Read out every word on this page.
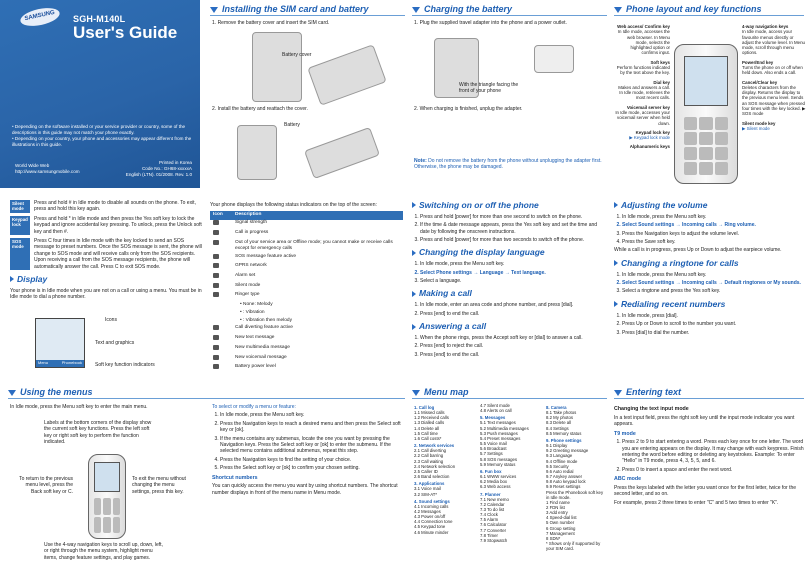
SAMSUNG	SGH-M140L
User's Guide
• Depending on the software installed or your service provider or country, some of the descriptions in this guide may not match your phone exactly.
• Depending on your country, your phone and accessories may appear different from the illustrations in this guide.
World Wide Web
http://www.samsungmobile.com
Printed in Korea
Code No.: GH68-xxxxxA
English (LTN). 01/2008. Rev. 1.0
Installing the SIM card and battery
1. Remove the battery cover and insert the SIM card.
Battery cover
2. Install the battery and reattach the cover.
Battery
Charging the battery
1. Plug the supplied travel adapter into the phone and a power outlet.
With the triangle facing the front of your phone
2. When charging is finished, unplug the adapter.
Note: Do not remove the battery from the phone without unplugging the adapter first. Otherwise, the phone may be damaged.
Phone layout and key functions
Web access/ Confirm key
In Idle mode, accesses the web browser. In Menu mode, selects the highlighted option or confirms input.
Soft keys
Perform functions indicated by the text above the key.
Dial key
Makes and answers a call. In Idle mode, retrieves the most recent calls.
Voicemail server key
In Idle mode, accesses your voicemail server when held down.
Keypad lock key
▶ Keypad lock mode
Alphanumeric keys
4-way navigation keys
In Idle mode, access your favourite menus directly or adjust the volume level. In Menu mode, scroll through menu options.
Power/End key
Turns the phone on or off when held down. Also ends a call.
Cancel/Clear key
Deletes characters from the display. Returns the display to the previous menu level. Sends an SOS message when pressed four times with the key locked. ▶ SOS mode
Silent mode key
▶ Silent mode
Silent mode
Press and hold # in Idle mode to disable all sounds on the phone. To exit, press and hold this key again.
Keypad lock
Press and hold * in Idle mode and then press the Yes soft key to lock the keypad and ignore accidental key pressing. To unlock, press the Unlock soft key and then #.
SOS mode
Press C four times in Idle mode with the key locked to send an SOS message to preset numbers. Once the SOS message is sent, the phone will change to SOS mode and will receive calls only from the SOS recipients. Upon receiving a call from the SOS message recipients, the phone will automatically answer the call. Press C to exit SOS mode.
Display
Your phone is in Idle mode when you are not on a call or using a menu. You must be in Idle mode to dial a phone number.
Menu	Phonebook
Icons
Text and graphics
Soft key function indicators
Your phone displays the following status indicators on the top of the screen:
Icon	Description
	Signal strength
	Call in progress
	Out of your service area or Offline mode; you cannot make or receive calls except for emergency calls
	SOS message feature active
	GPRS network
	Alarm set
	Silent mode
	Ringer type
	• None: Melody
	• : Vibration
	• : Vibration then melody
	Call diverting feature active
	New text message
	New multimedia message
	New voicemail message
	Battery power level
Switching on or off the phone
1. Press and hold [power] for more than one second to switch on the phone.
2. If the time & date message appears, press the Yes soft key and set the time and date by following the onscreen instructions.
3. Press and hold [power] for more than two seconds to switch off the phone.
Changing the display language
1. In Idle mode, press the Menu soft key.
2. Select Phone settings → Language → Text language.
3. Select a language.
Making a call
1. In Idle mode, enter an area code and phone number, and press [dial].
2. Press [end] to end the call.
Answering a call
1. When the phone rings, press the Accept soft key or [dial] to answer a call.
2. Press [end] to reject the call.
3. Press [end] to end the call.
Adjusting the volume
1. In Idle mode, press the Menu soft key.
2. Select Sound settings → Incoming calls → Ring volume.
3. Press the Navigation keys to adjust the volume level.
4. Press the Save soft key.
While a call is in progress, press Up or Down to adjust the earpiece volume.
Changing a ringtone for calls
1. In Idle mode, press the Menu soft key.
2. Select Sound settings → Incoming calls → Default ringtones or My sounds.
3. Select a ringtone and press the Yes soft key.
Redialing recent numbers
1. In Idle mode, press [dial].
2. Press Up or Down to scroll to the number you want.
3. Press [dial] to dial the number.
Using the menus
In Idle mode, press the Menu soft key to enter the main menu.
Labels at the bottom corners of the display show the current soft key functions. Press the left soft key or right soft key to perform the function indicated.
To return to the previous menu level, press the Back soft key or C.
To exit the menu without changing the menu settings, press this key.
Use the 4-way navigation keys to scroll up, down, left, or right through the menu system, highlight menu items, change feature settings, and play games.
To select or modify a menu or feature:
1. In Idle mode, press the Menu soft key.
2. Press the Navigation keys to reach a desired menu and then press the Select soft key or [ok].
3. If the menu contains any submenus, locate the one you want by pressing the Navigation keys. Press the Select soft key or [ok] to enter the submenu. If the selected menu contains additional submenus, repeat this step.
4. Press the Navigation keys to find the setting of your choice.
5. Press the Select soft key or [ok] to confirm your chosen setting.
Shortcut numbers
You can quickly access the menu you want by using shortcut numbers. The shortcut number displays in front of the menu name in Menu mode.
Menu map
1. Call log
1.1 Missed calls
1.2 Received calls
1.3 Dialled calls
1.4 Delete all
1.5 Call time
1.6 Call costs*
2. Network services
2.1 Call diverting
2.2 Call barring
2.3 Call waiting
2.4 Network selection
2.5 Caller ID
2.6 Band selection
3. Applications
3.1 Voice mail
3.2 SIM-AT*
4. Sound settings
4.1 Incoming calls
4.2 Messages
4.3 Power on/off
4.4 Connection tone
4.5 Keypad tone
4.6 Minute minder
4.7 Silent mode
4.8 Alerts on call
5. Messages
5.1 Text messages
5.2 Multimedia messages
5.3 Push messages
5.4 Preset messages
5.5 Voice mail
5.6 Broadcast
5.7 Settings
5.8 SOS messages
5.9 Memory status
6. Fun box
6.1 WWW services
6.2 Media box
6.3 Web access
7. Planner
7.1 New memo
7.2 Calendar
7.3 To do list
7.4 Clock
7.5 Alarm
7.6 Calculator
7.7 Converter
7.8 Timer
7.9 Stopwatch
8. Camera
8.1 Take photos
8.2 My photos
8.3 Delete all
8.4 Settings
8.5 Memory status
9. Phone settings
9.1 Display
9.2 Greeting message
9.3 Language
9.4 Offline mode
9.5 Security
9.6 Auto redial
9.7 Anykey answer
9.8 Auto keypad lock
9.9 Reset settings
Press the Phonebook soft key in Idle mode.
1 Find name
2 FDN list
3 Add entry
4 Speed-dial list
5 Own number
6 Group setting
7 Management
8 SDN*
* Shows only if supported by your SIM card.
Entering text
Changing the text input mode
In a text input field, press the right soft key until the input mode indicator you want appears.
T9 mode
1. Press 2 to 9 to start entering a word. Press each key once for one letter. The word you are entering appears on the display. It may change with each keypress. Finish entering the word before editing or deleting any keystrokes. Example: To enter "Hello" in T9 mode, press 4, 3, 5, 5, and 6.
2. Press 0 to insert a space and enter the next word.
ABC mode
Press the keys labeled with the letter you want once for the first letter, twice for the second letter, and so on.
For example, press 2 three times to enter "C" and 5 two times to enter "K".
